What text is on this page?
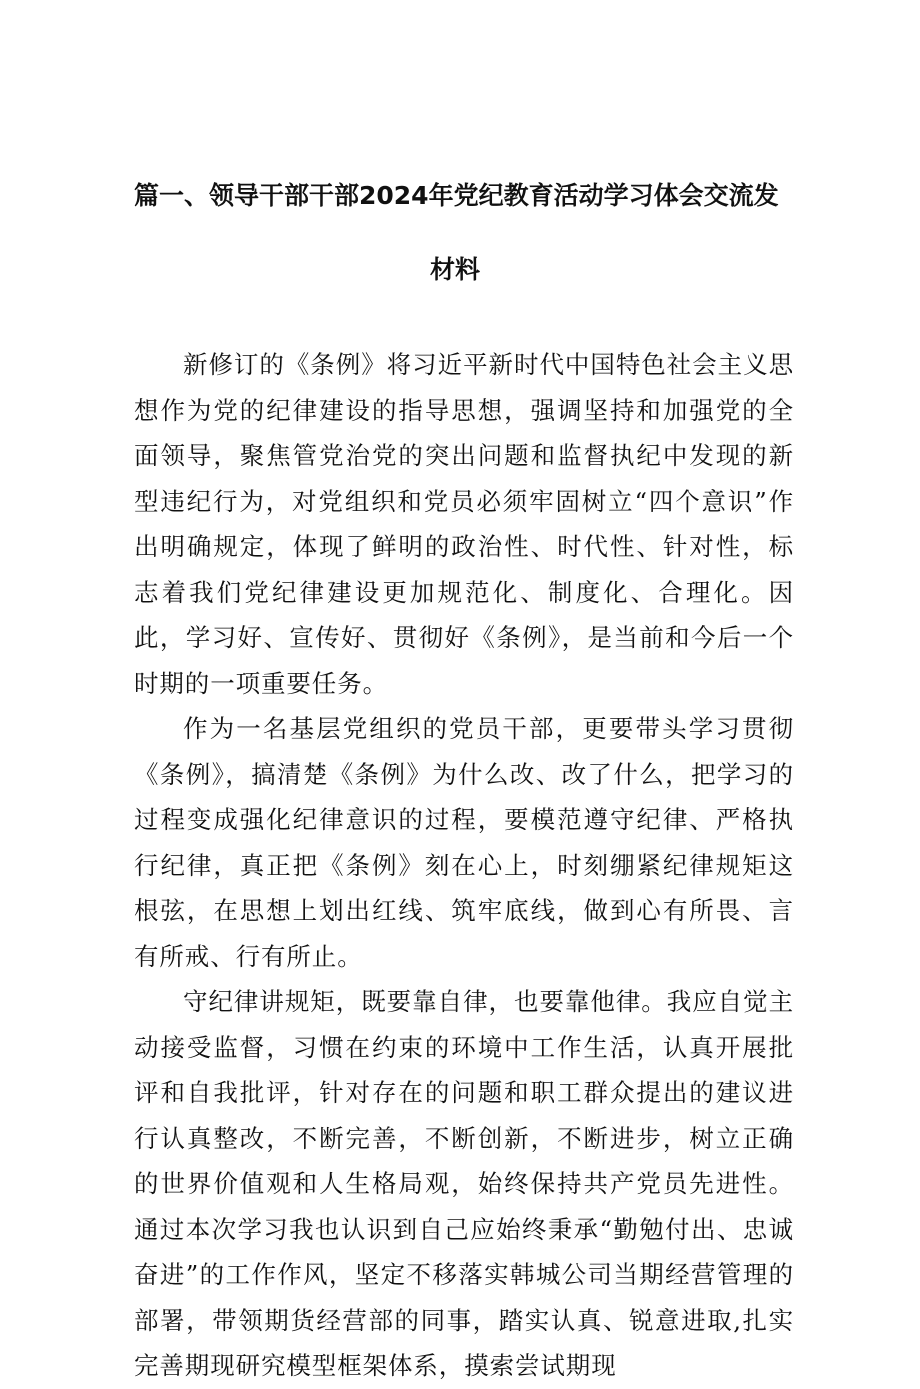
篇一、领导干部干部2024年党纪教育活动学习体会交流发
材料

新修订的《条例》将习近平新时代中国特色社会主义思想作为党的纪律建设的指导思想，强调坚持和加强党的全面领导，聚焦管党治党的突出问题和监督执纪中发现的新型违纪行为，对党组织和党员必须牢固树立“四个意识”作出明确规定，体现了鲜明的政治性、时代性、针对性，标志着我们党纪律建设更加规范化、制度化、合理化。因此，学习好、宣传好、贯彻好《条例》，是当前和今后一个时期的一项重要任务。

作为一名基层党组织的党员干部，更要带头学习贯彻《条例》，搞清楚《条例》为什么改、改了什么，把学习的过程变成强化纪律意识的过程，要模范遵守纪律、严格执行纪律，真正把《条例》刻在心上，时刻绷紧纪律规矩这根弦，在思想上划出红线、筑牢底线，做到心有所畏、言有所戒、行有所止。

守纪律讲规矩，既要靠自律，也要靠他律。我应自觉主动接受监督，习惯在约束的环境中工作生活，认真开展批评和自我批评，针对存在的问题和职工群众提出的建议进行认真整改，不断完善，不断创新，不断进步，树立正确的世界价值观和人生格局观，始终保持共产党员先进性。通过本次学习我也认识到自己应始终秉承“勤勉付出、忠诚奋进”的工作作风，坚定不移落实韩城公司当期经营管理的部署，带领期货经营部的同事，踏实认真、锐意进取,扎实完善期现研究模型框架体系，摸索尝试期现
